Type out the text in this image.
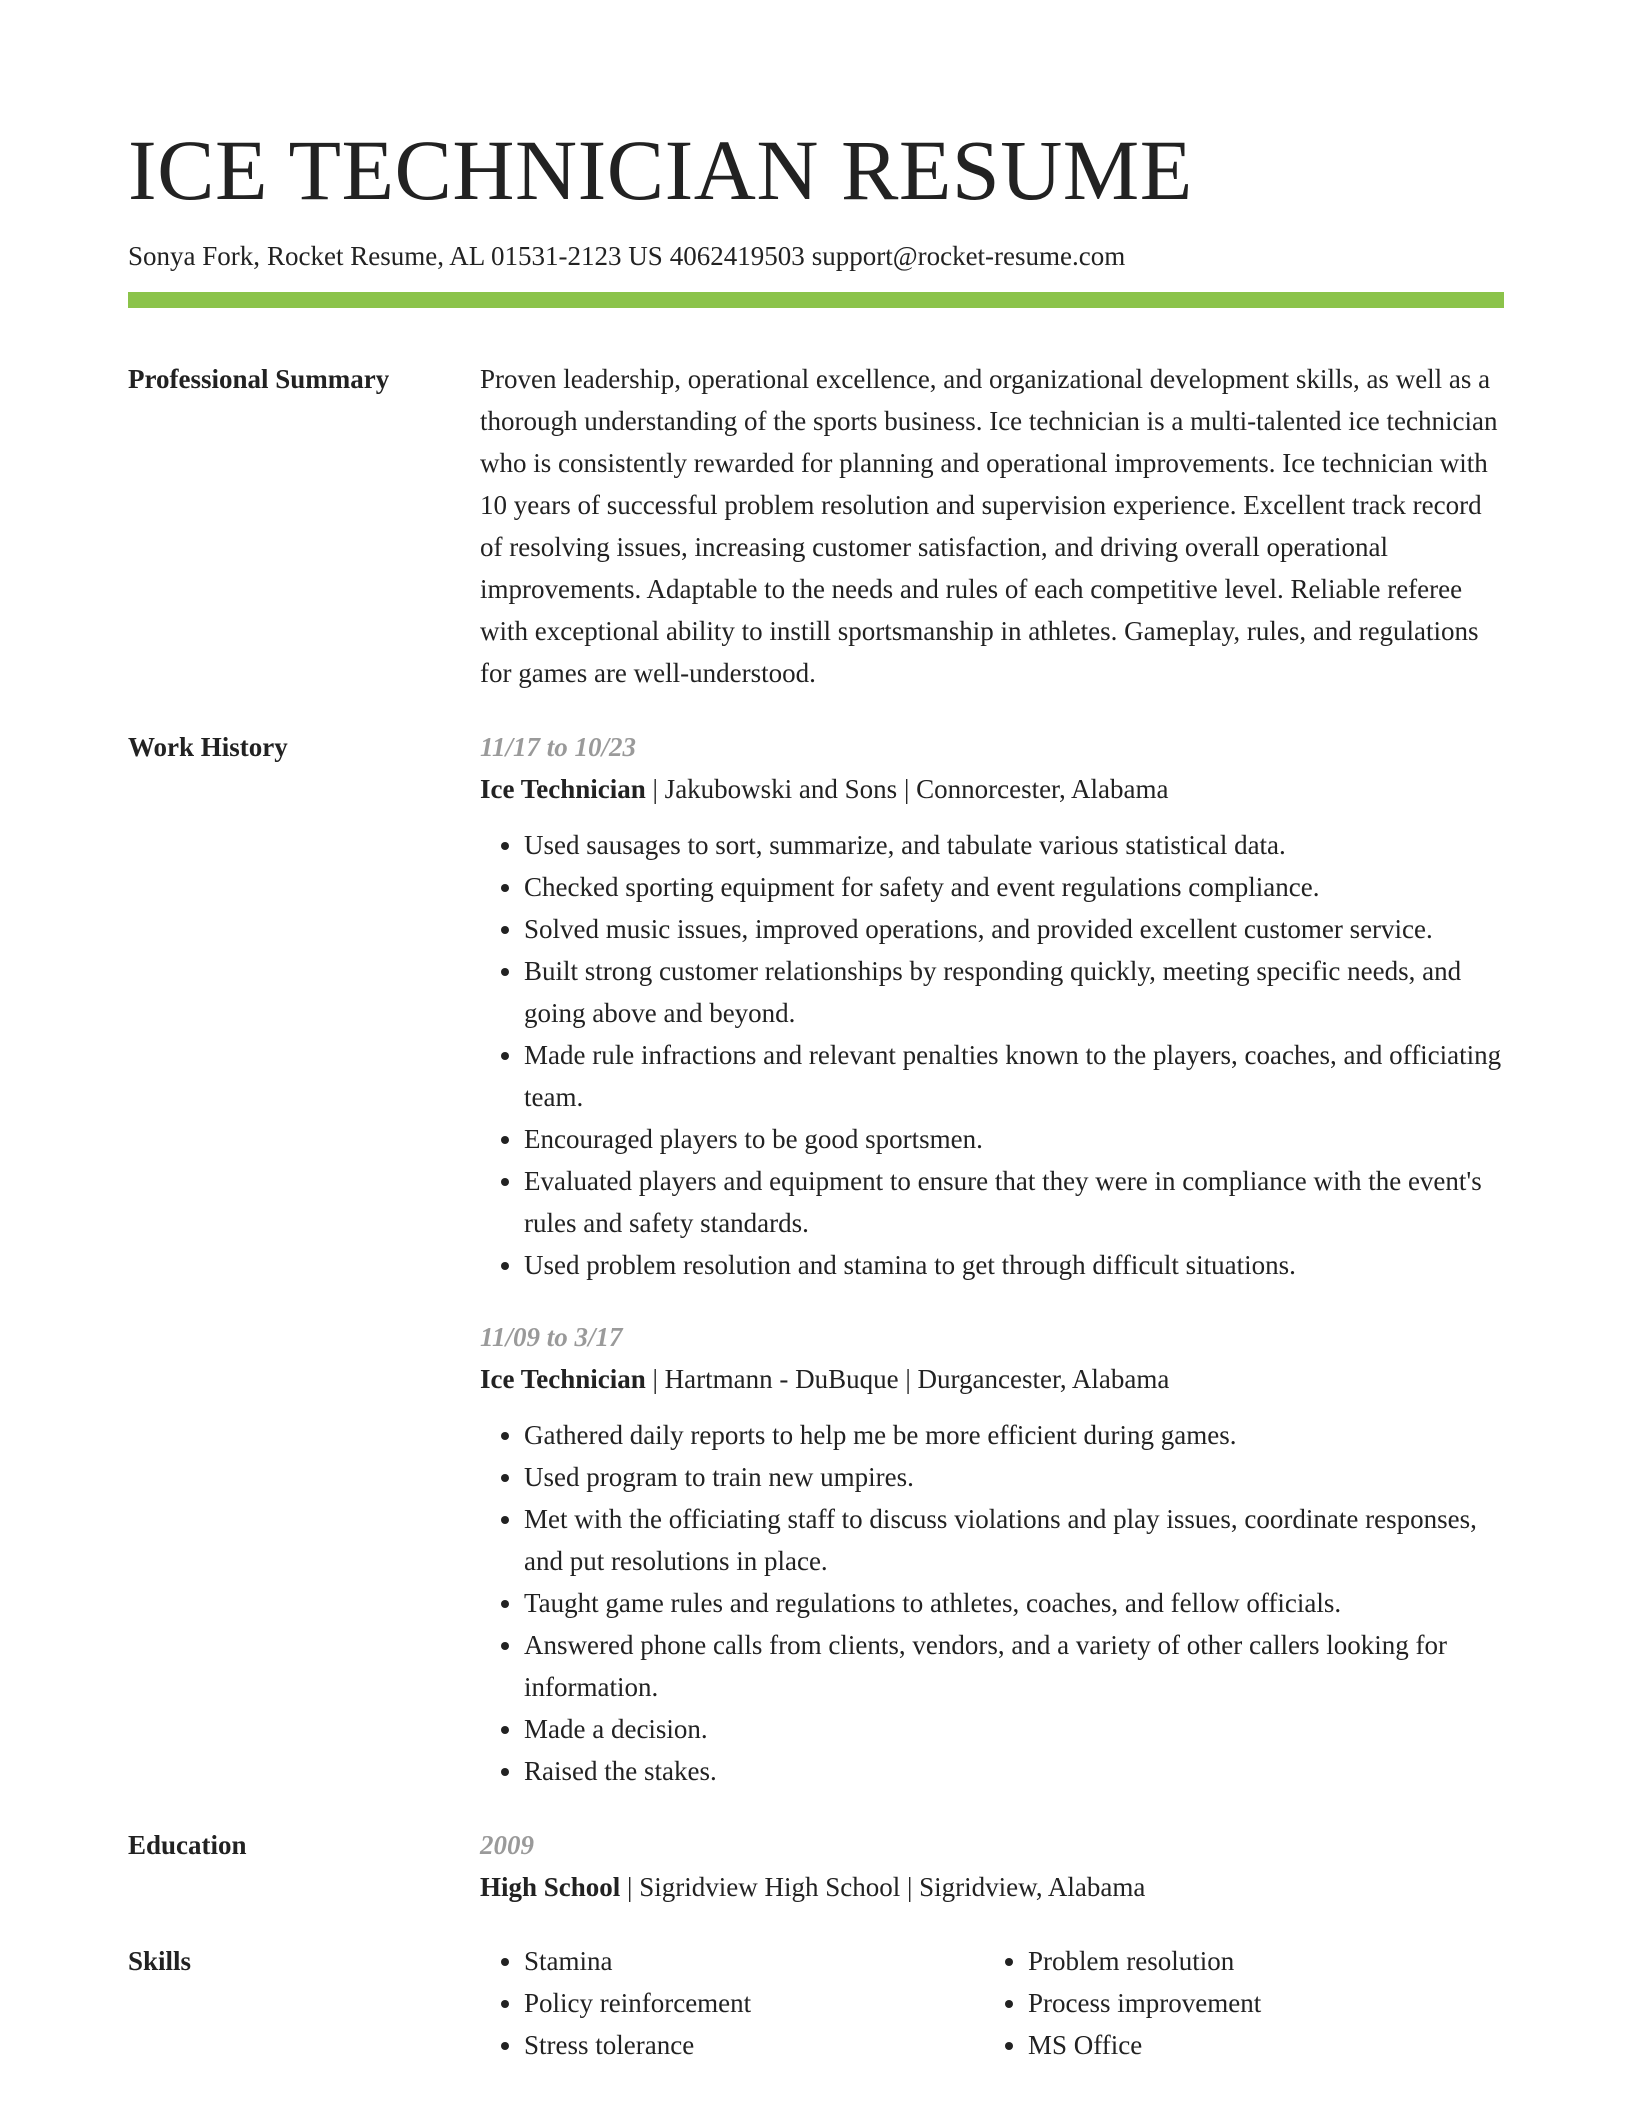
ICE TECHNICIAN RESUME
Sonya Fork, Rocket Resume, AL 01531-2123 US 4062419503 support@rocket-resume.com
Professional Summary	Proven leadership, operational excellence, and organizational development skills, as well as a thorough understanding of the sports business. Ice technician is a multi-talented ice technician who is consistently rewarded for planning and operational improvements. Ice technician with 10 years of successful problem resolution and supervision experience. Excellent track record of resolving issues, increasing customer satisfaction, and driving overall operational improvements. Adaptable to the needs and rules of each competitive level. Reliable referee with exceptional ability to instill sportsmanship in athletes. Gameplay, rules, and regulations for games are well-understood.
Work History	11/17 to 10/23
Ice Technician | Jakubowski and Sons | Connorcester, Alabama
• Used sausages to sort, summarize, and tabulate various statistical data.
• Checked sporting equipment for safety and event regulations compliance.
• Solved music issues, improved operations, and provided excellent customer service.
• Built strong customer relationships by responding quickly, meeting specific needs, and going above and beyond.
• Made rule infractions and relevant penalties known to the players, coaches, and officiating team.
• Encouraged players to be good sportsmen.
• Evaluated players and equipment to ensure that they were in compliance with the event's rules and safety standards.
• Used problem resolution and stamina to get through difficult situations.
11/09 to 3/17
Ice Technician | Hartmann - DuBuque | Durgancester, Alabama
• Gathered daily reports to help me be more efficient during games.
• Used program to train new umpires.
• Met with the officiating staff to discuss violations and play issues, coordinate responses, and put resolutions in place.
• Taught game rules and regulations to athletes, coaches, and fellow officials.
• Answered phone calls from clients, vendors, and a variety of other callers looking for information.
• Made a decision.
• Raised the stakes.
Education	2009
High School | Sigridview High School | Sigridview, Alabama
Skills
•	Stamina
• Policy reinforcement
• Stress tolerance
• Problem resolution
• Process improvement
• MS Office
